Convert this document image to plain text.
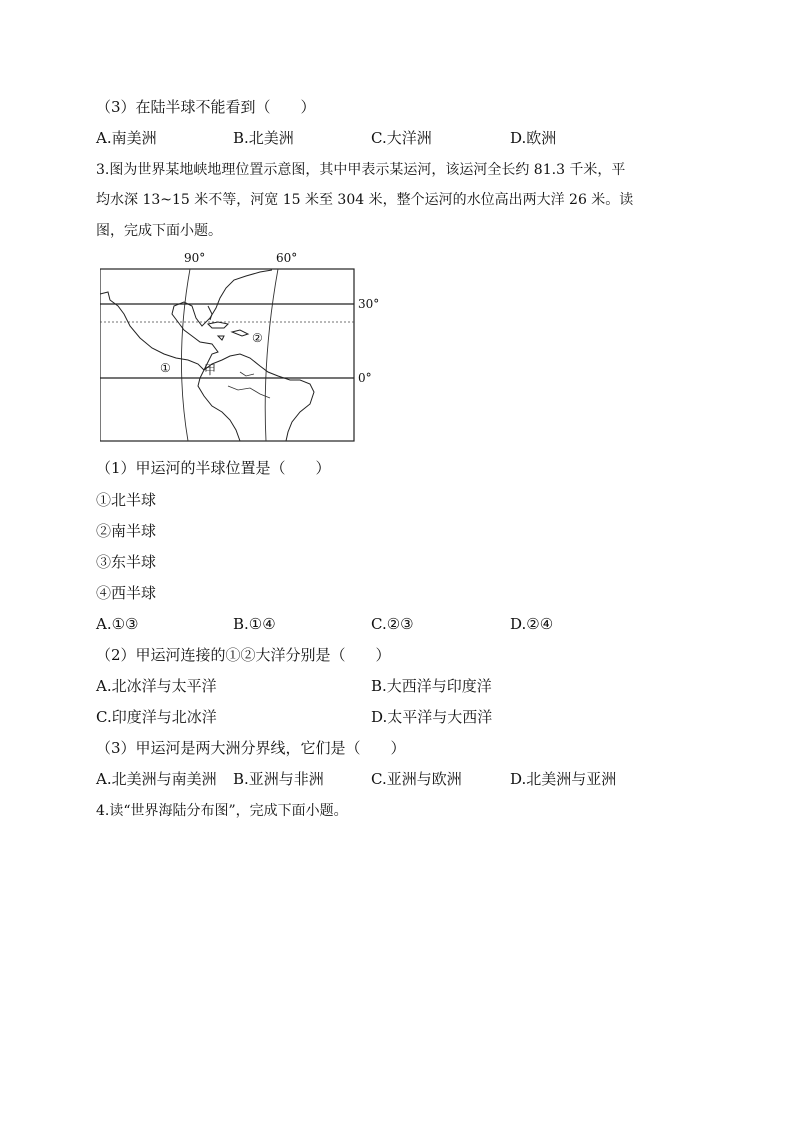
（3）在陆半球不能看到（　　）
A.南美洲	B.北美洲	C.大洋洲	D.欧洲
3.图为世界某地峡地理位置示意图，其中甲表示某运河，该运河全长约 81.3 千米，平
均水深 13~15 米不等，河宽 15 米至 304 米，整个运河的水位高出两大洋 26 米。读
图，完成下面小题。
90°	60°
30°
0°
①
②
甲
（1）甲运河的半球位置是（　　）
①北半球
②南半球
③东半球
④西半球
A.①③	B.①④	C.②③	D.②④
（2）甲运河连接的①②大洋分别是（　　）
A.北冰洋与太平洋	B.大西洋与印度洋
C.印度洋与北冰洋	D.太平洋与大西洋
（3）甲运河是两大洲分界线，它们是（　　）
A.北美洲与南美洲 B.亚洲与非洲	C.亚洲与欧洲	D.北美洲与亚洲
4.读“世界海陆分布图”，完成下面小题。
